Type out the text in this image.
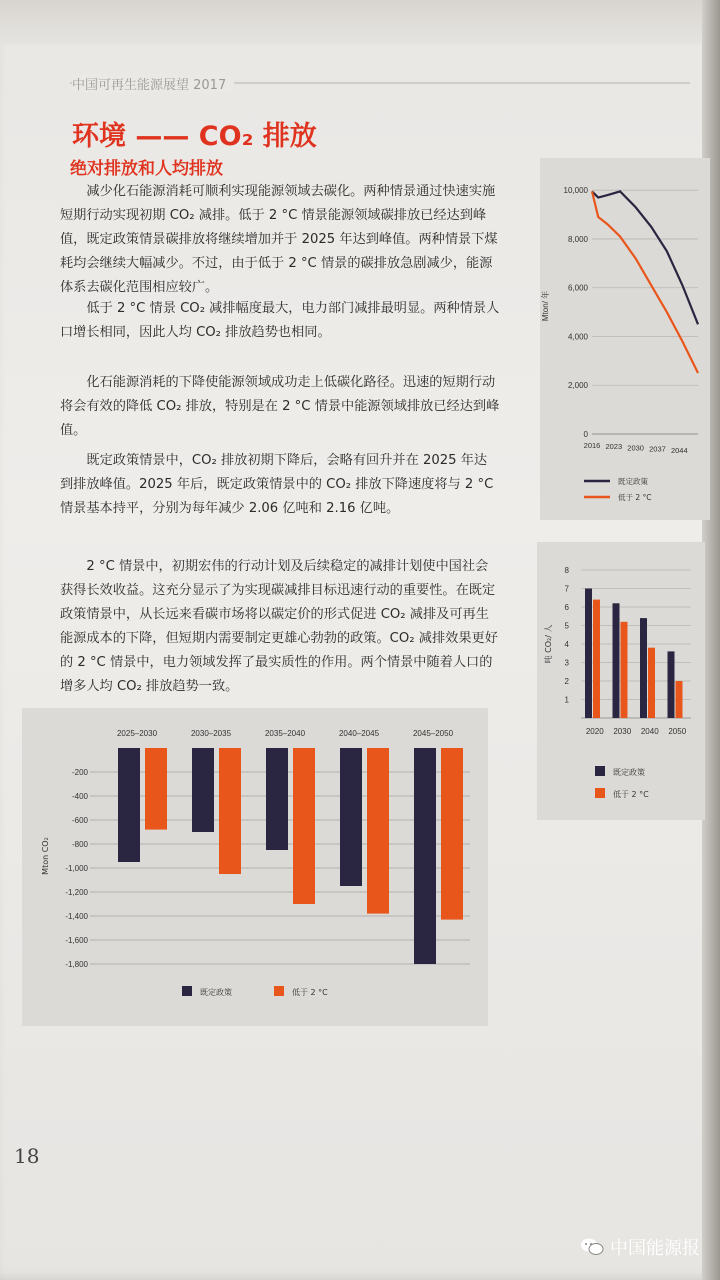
中国可再生能源展望 2017
环境 —— CO₂ 排放
绝对排放和人均排放
减少化石能源消耗可顺利实现能源领域去碳化。两种情景通过快速实施短期行动实现初期 CO₂ 减排。低于 2 °C 情景能源领域碳排放已经达到峰值，既定政策情景碳排放将继续增加并于 2025 年达到峰值。两种情景下煤耗均会继续大幅减少。不过，由于低于 2 °C 情景的碳排放急剧减少，能源体系去碳化范围相应较广。
低于 2 °C 情景 CO₂ 减排幅度最大，电力部门减排最明显。两种情景人口增长相同，因此人均 CO₂ 排放趋势也相同。
化石能源消耗的下降使能源领域成功走上低碳化路径。迅速的短期行动将会有效的降低 CO₂ 排放，特别是在 2 °C 情景中能源领域排放已经达到峰值。
既定政策情景中，CO₂ 排放初期下降后，会略有回升并在 2025 年达到排放峰值。2025 年后，既定政策情景中的 CO₂ 排放下降速度将与 2 °C 情景基本持平，分别为每年减少 2.06 亿吨和 2.16 亿吨。
2 °C 情景中，初期宏伟的行动计划及后续稳定的减排计划使中国社会获得长效收益。这充分显示了为实现碳减排目标迅速行动的重要性。在既定政策情景中，从长远来看碳市场将以碳定价的形式促进 CO₂ 减排及可再生能源成本的下降，但短期内需要制定更雄心勃勃的政策。CO₂ 减排效果更好的 2 °C 情景中，电力领域发挥了最实质性的作用。两个情景中随着人口的增多人均 CO₂ 排放趋势一致。
0
2,000
4,000
6,000
8,000
10,000
2016 2023 2030 2037 2044
Mton/ 年
既定政策
低于 2 °C
1
2
3
4
5
6
7
8
吨 CO₂/ 人
2020 2030 2040 2050
既定政策
低于 2 °C
-200
-400
-600
-800
-1,000
-1,200
-1,400
-1,600
-1,800
Mton CO₂
2025–2030	2030–2035	2035–2040	2040–2045	2045–2050
既定政策	低于 2 °C
18
中国能源报
